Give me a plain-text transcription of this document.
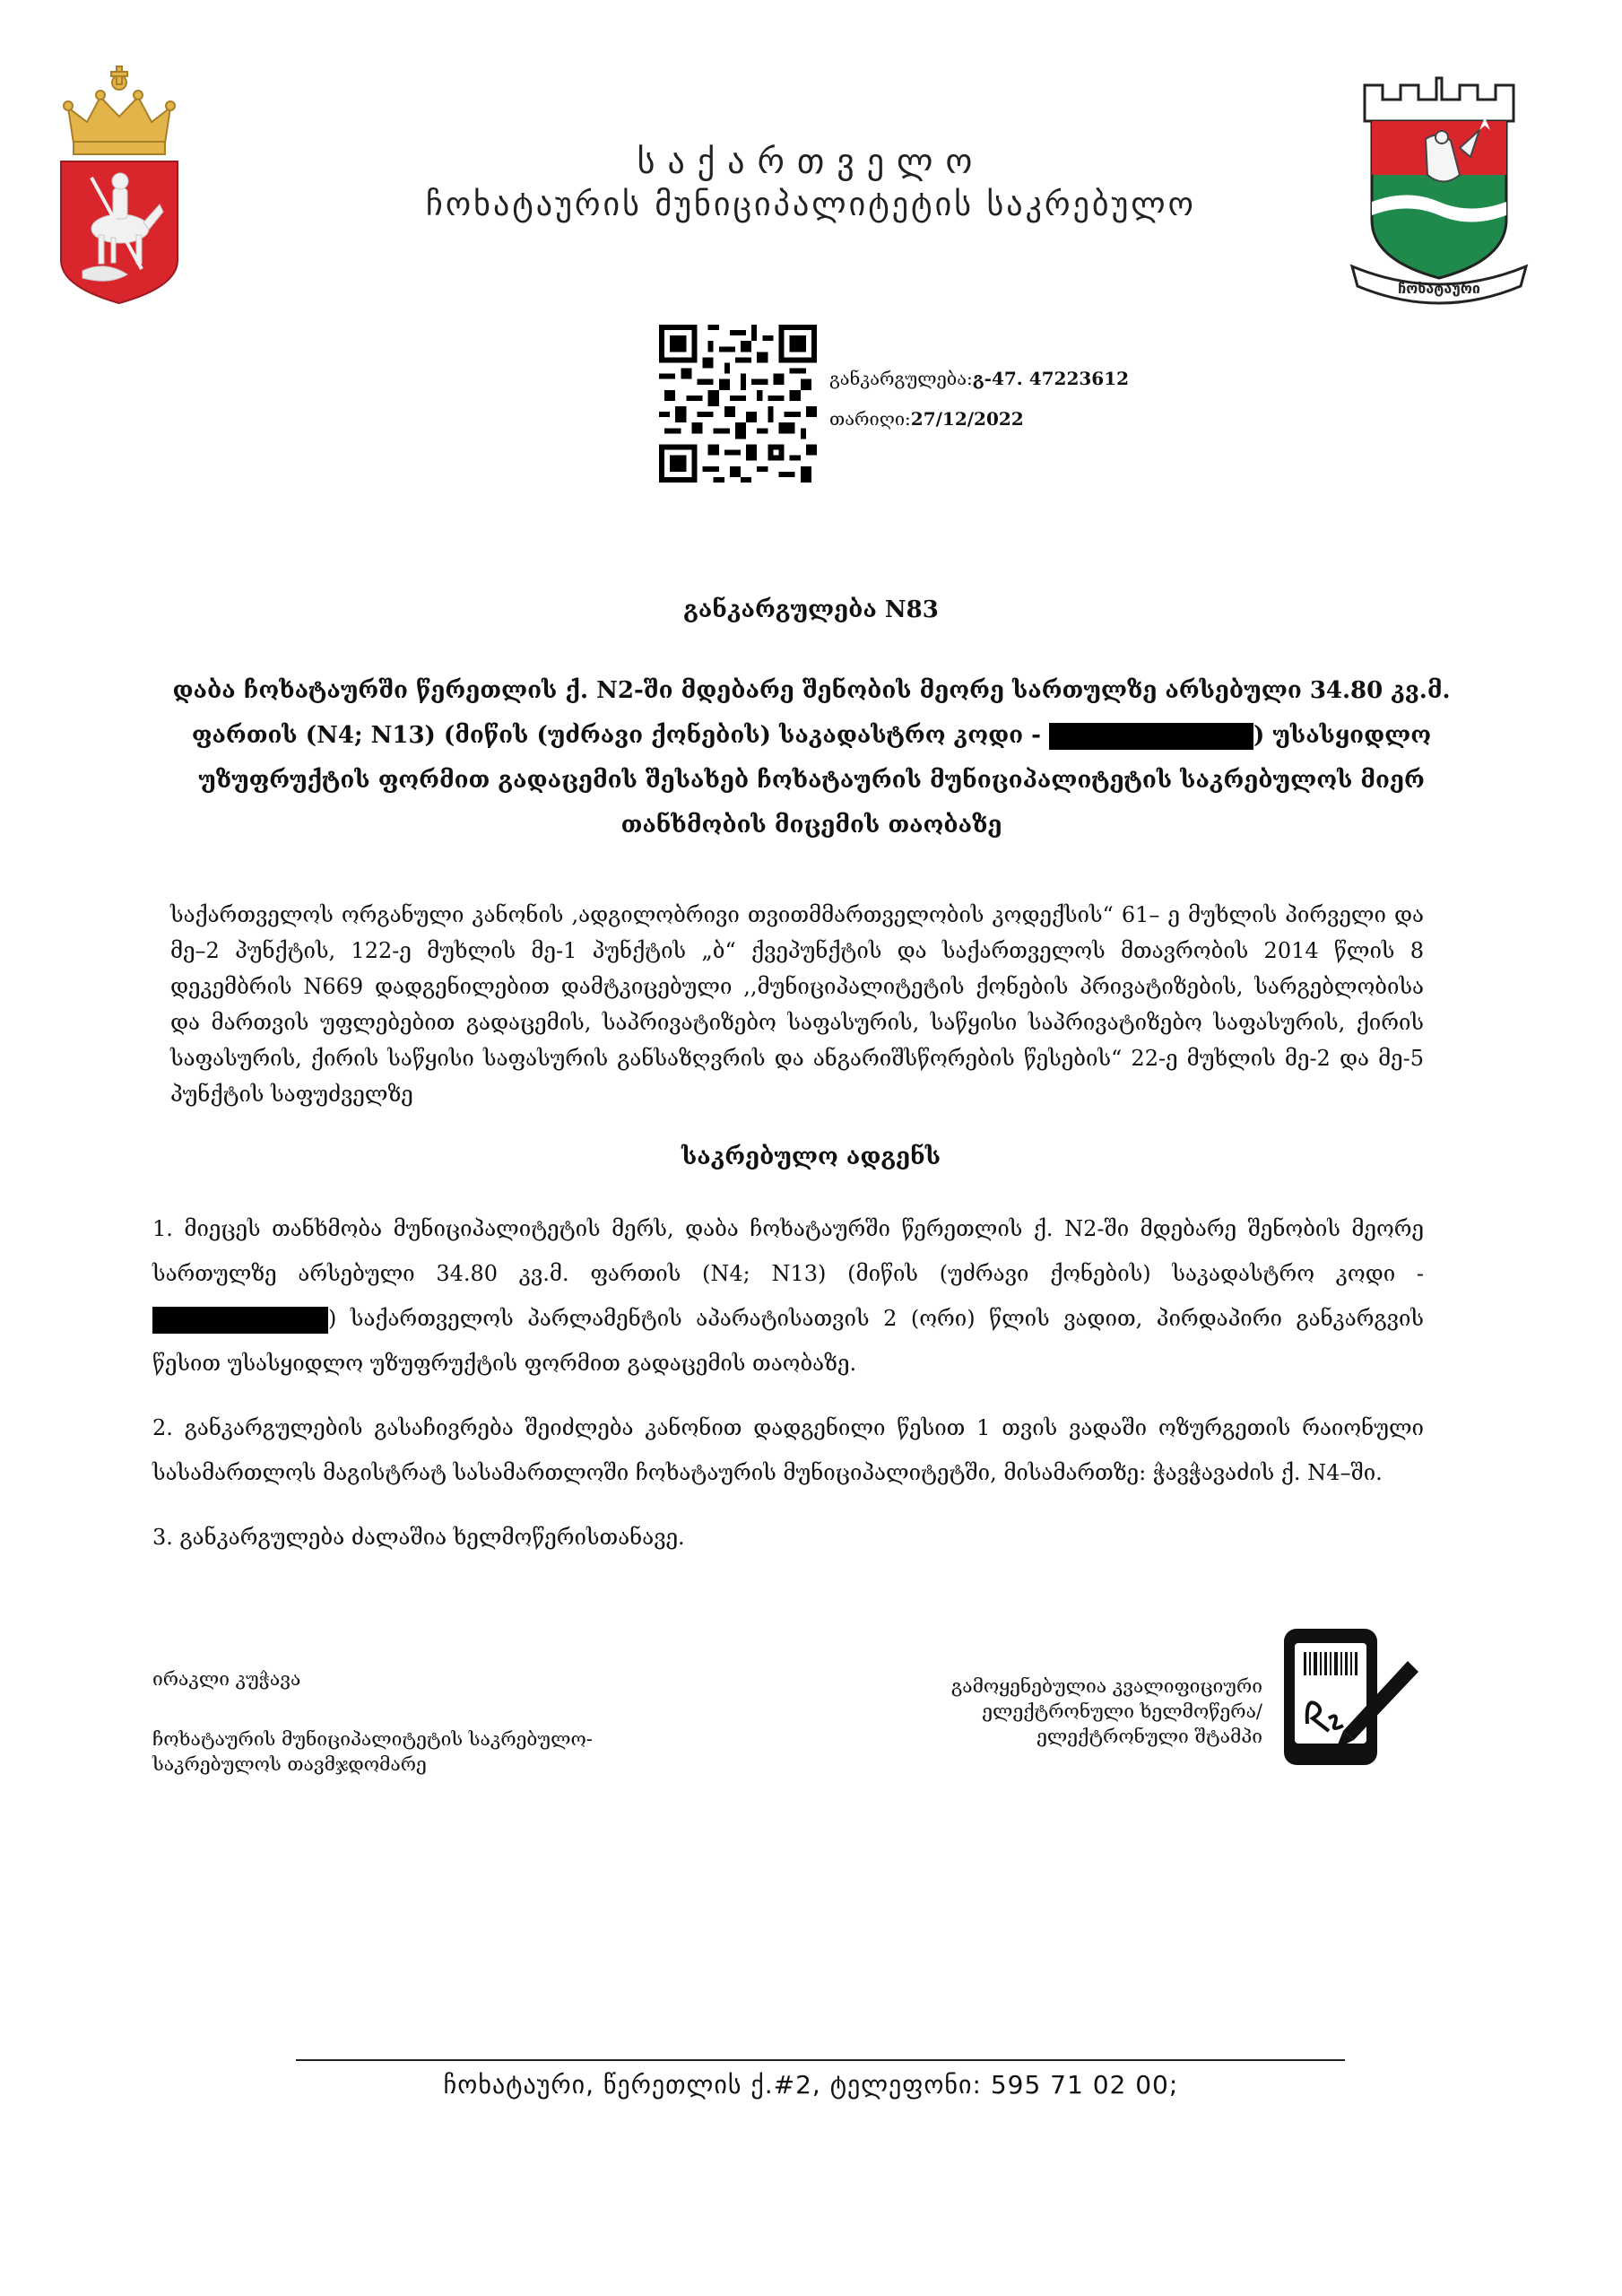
ჩოხატაური
საქართველო
ჩოხატაურის მუნიციპალიტეტის საკრებულო
განკარგულება:გ-47. 47223612
თარიღი:27/12/2022
განკარგულება N83
დაბა ჩოხატაურში წერეთლის ქ. N2-ში მდებარე შენობის მეორე სართულზე არსებული 34.80 კვ.მ. ფართის (N4; N13) (მიწის (უძრავი ქონების) საკადასტრო კოდი -	) უსასყიდლო უზუფრუქტის ფორმით გადაცემის შესახებ ჩოხატაურის მუნიციპალიტეტის საკრებულოს მიერ თანხმობის მიცემის თაობაზე
საქართველოს ორგანული კანონის ,ადგილობრივი თვითმმართველობის კოდექსის“ 61– ე მუხლის პირველი და მე–2 პუნქტის, 122-ე მუხლის მე-1 პუნქტის „ბ“ ქვეპუნქტის და საქართველოს მთავრობის 2014 წლის 8 დეკემბრის N669 დადგენილებით დამტკიცებული ,,მუნიციპალიტეტის ქონების პრივატიზების, სარგებლობისა და მართვის უფლებებით გადაცემის, საპრივატიზებო საფასურის, საწყისი საპრივატიზებო საფასურის, ქირის საფასურის, ქირის საწყისი საფასურის განსაზღვრის და ანგარიშსწორების წესების“ 22-ე მუხლის მე-2 და მე-5 პუნქტის საფუძველზე
საკრებულო ადგენს

1. მიეცეს თანხმობა მუნიციპალიტეტის მერს, დაბა ჩოხატაურში წერეთლის ქ. N2-ში მდებარე შენობის მეორე სართულზე არსებული 34.80 კვ.მ. ფართის (N4; N13) (მიწის (უძრავი ქონების) საკადასტრო კოდი - ) საქართველოს პარლამენტის აპარატისათვის 2 (ორი) წლის ვადით, პირდაპირი განკარგვის წესით უსასყიდლო უზუფრუქტის ფორმით გადაცემის თაობაზე.

2. განკარგულების გასაჩივრება შეიძლება კანონით დადგენილი წესით 1 თვის ვადაში ოზურგეთის რაიონული სასამართლოს მაგისტრატ სასამართლოში ჩოხატაურის მუნიციპალიტეტში, მისამართზე: ჭავჭავაძის ქ. N4–ში.

3. განკარგულება ძალაშია ხელმოწერისთანავე.

ირაკლი კუჭავა
ჩოხატაურის მუნიციპალიტეტის საკრებულო-
საკრებულოს თავმჯდომარე
გამოყენებულია კვალიფიციური
ელექტრონული ხელმოწერა/
ელექტრონული შტამპი
ჩოხატაური, წერეთლის ქ.#2, ტელეფონი: 595 71 02 00;
